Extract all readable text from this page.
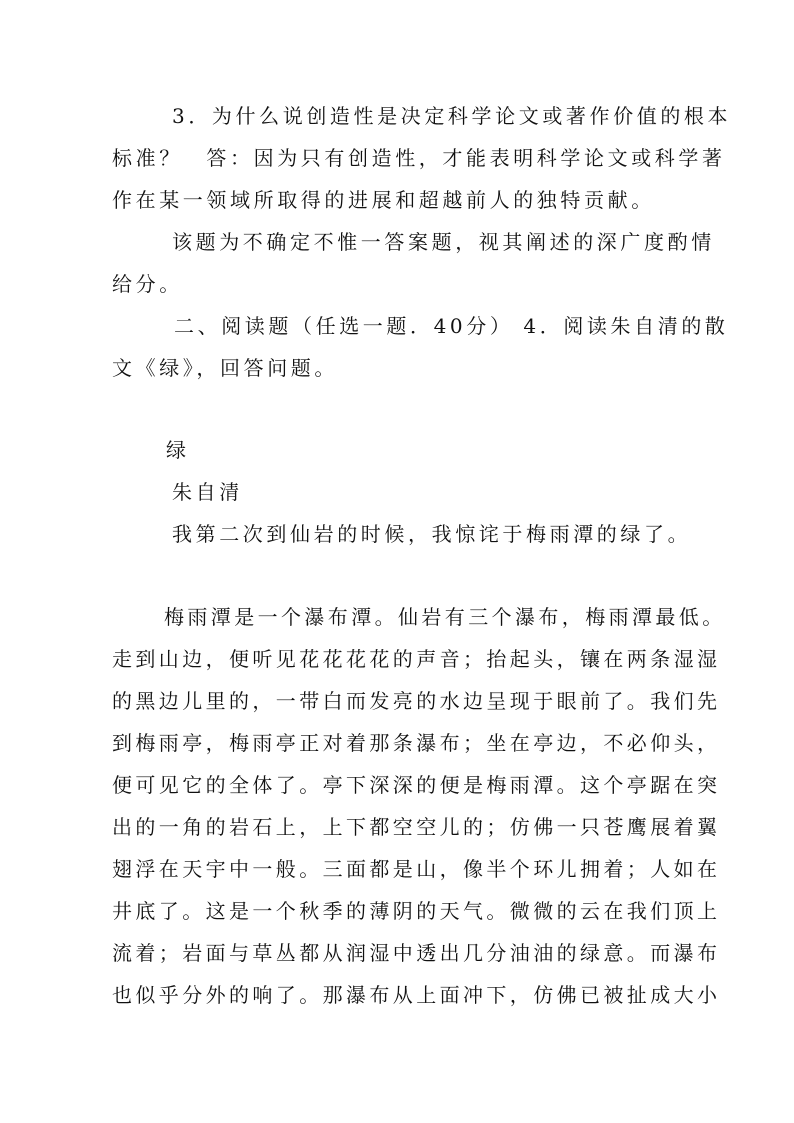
3．为什么说创造性是决定科学论文或著作价值的根本
标准？　答：因为只有创造性，才能表明科学论文或科学著
作在某一领域所取得的进展和超越前人的独特贡献。
该题为不确定不惟一答案题，视其阐述的深广度酌情
给分。
二、阅读题（任选一题．40分） 4．阅读朱自清的散
文《绿》，回答问题。
绿
朱自清
我第二次到仙岩的时候，我惊诧于梅雨潭的绿了。
梅雨潭是一个瀑布潭。仙岩有三个瀑布，梅雨潭最低。
走到山边，便听见花花花花的声音；抬起头，镶在两条湿湿
的黑边儿里的，一带白而发亮的水边呈现于眼前了。我们先
到梅雨亭，梅雨亭正对着那条瀑布；坐在亭边，不必仰头，
便可见它的全体了。亭下深深的便是梅雨潭。这个亭踞在突
出的一角的岩石上，上下都空空儿的；仿佛一只苍鹰展着翼
翅浮在天宇中一般。三面都是山，像半个环儿拥着；人如在
井底了。这是一个秋季的薄阴的天气。微微的云在我们顶上
流着；岩面与草丛都从润湿中透出几分油油的绿意。而瀑布
也似乎分外的响了。那瀑布从上面冲下，仿佛已被扯成大小
